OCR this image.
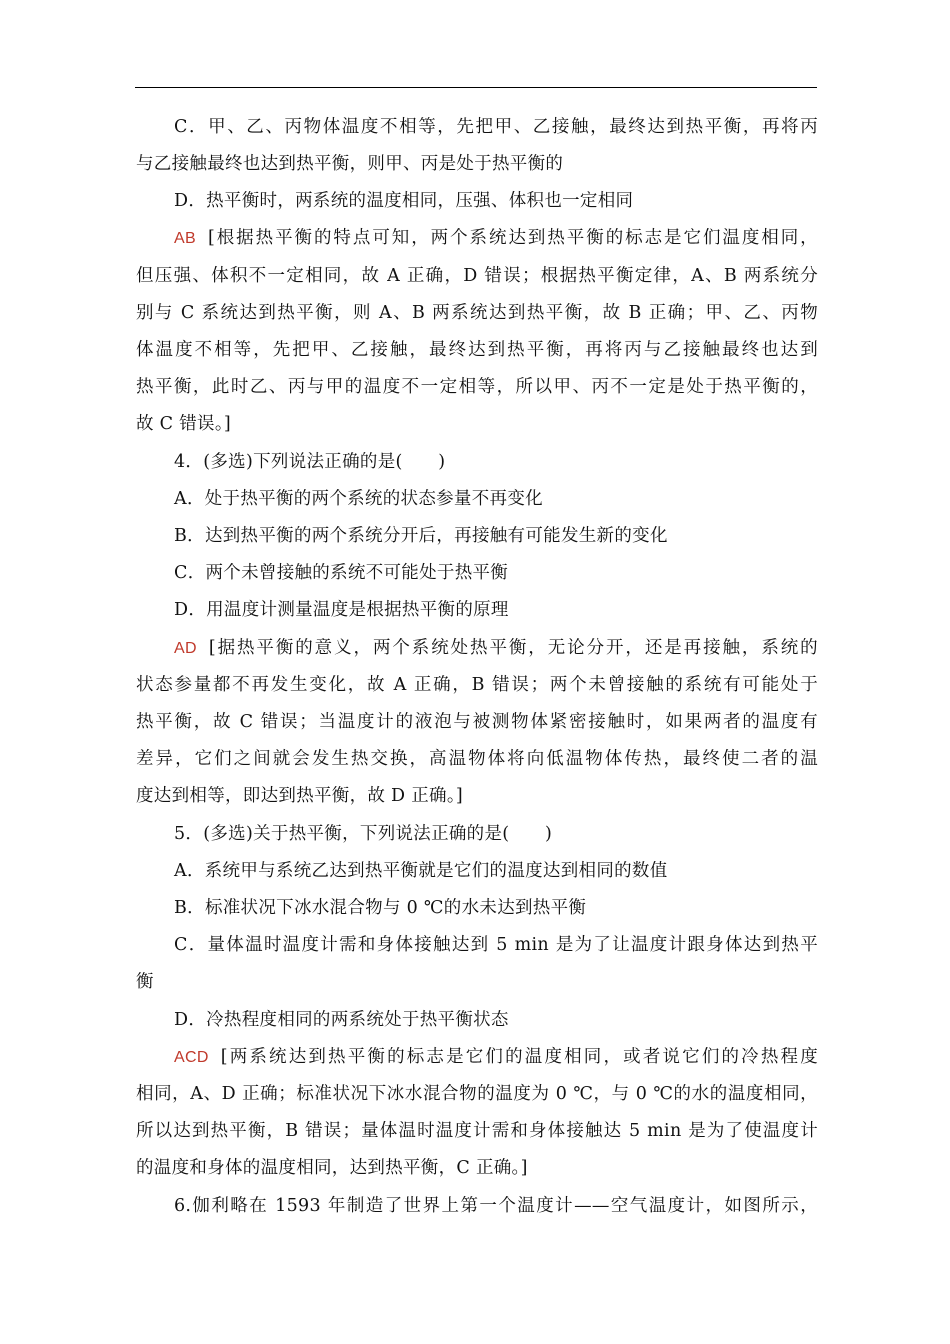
C．甲、乙、丙物体温度不相等，先把甲、乙接触，最终达到热平衡，再将丙
与乙接触最终也达到热平衡，则甲、丙是处于热平衡的
D．热平衡时，两系统的温度相同，压强、体积也一定相同
AB [根据热平衡的特点可知，两个系统达到热平衡的标志是它们温度相同，
但压强、体积不一定相同，故 A 正确，D 错误；根据热平衡定律，A、B 两系统分
别与 C 系统达到热平衡，则 A、B 两系统达到热平衡，故 B 正确；甲、乙、丙物
体温度不相等，先把甲、乙接触，最终达到热平衡，再将丙与乙接触最终也达到
热平衡，此时乙、丙与甲的温度不一定相等，所以甲、丙不一定是处于热平衡的，
故 C 错误。]
4．(多选)下列说法正确的是(　　)
A．处于热平衡的两个系统的状态参量不再变化
B．达到热平衡的两个系统分开后，再接触有可能发生新的变化
C．两个未曾接触的系统不可能处于热平衡
D．用温度计测量温度是根据热平衡的原理
AD [据热平衡的意义，两个系统处热平衡，无论分开，还是再接触，系统的
状态参量都不再发生变化，故 A 正确，B 错误；两个未曾接触的系统有可能处于
热平衡，故 C 错误；当温度计的液泡与被测物体紧密接触时，如果两者的温度有
差异，它们之间就会发生热交换，高温物体将向低温物体传热，最终使二者的温
度达到相等，即达到热平衡，故 D 正确。]
5．(多选)关于热平衡，下列说法正确的是(　　)
A．系统甲与系统乙达到热平衡就是它们的温度达到相同的数值
B．标准状况下冰水混合物与 0 ℃的水未达到热平衡
C．量体温时温度计需和身体接触达到 5 min 是为了让温度计跟身体达到热平
衡
D．冷热程度相同的两系统处于热平衡状态
ACD [两系统达到热平衡的标志是它们的温度相同，或者说它们的冷热程度
相同，A、D 正确；标准状况下冰水混合物的温度为 0 ℃，与 0 ℃的水的温度相同，
所以达到热平衡，B 错误；量体温时温度计需和身体接触达 5 min 是为了使温度计
的温度和身体的温度相同，达到热平衡，C 正确。]
6.伽利略在 1593 年制造了世界上第一个温度计——空气温度计，如图所示，
